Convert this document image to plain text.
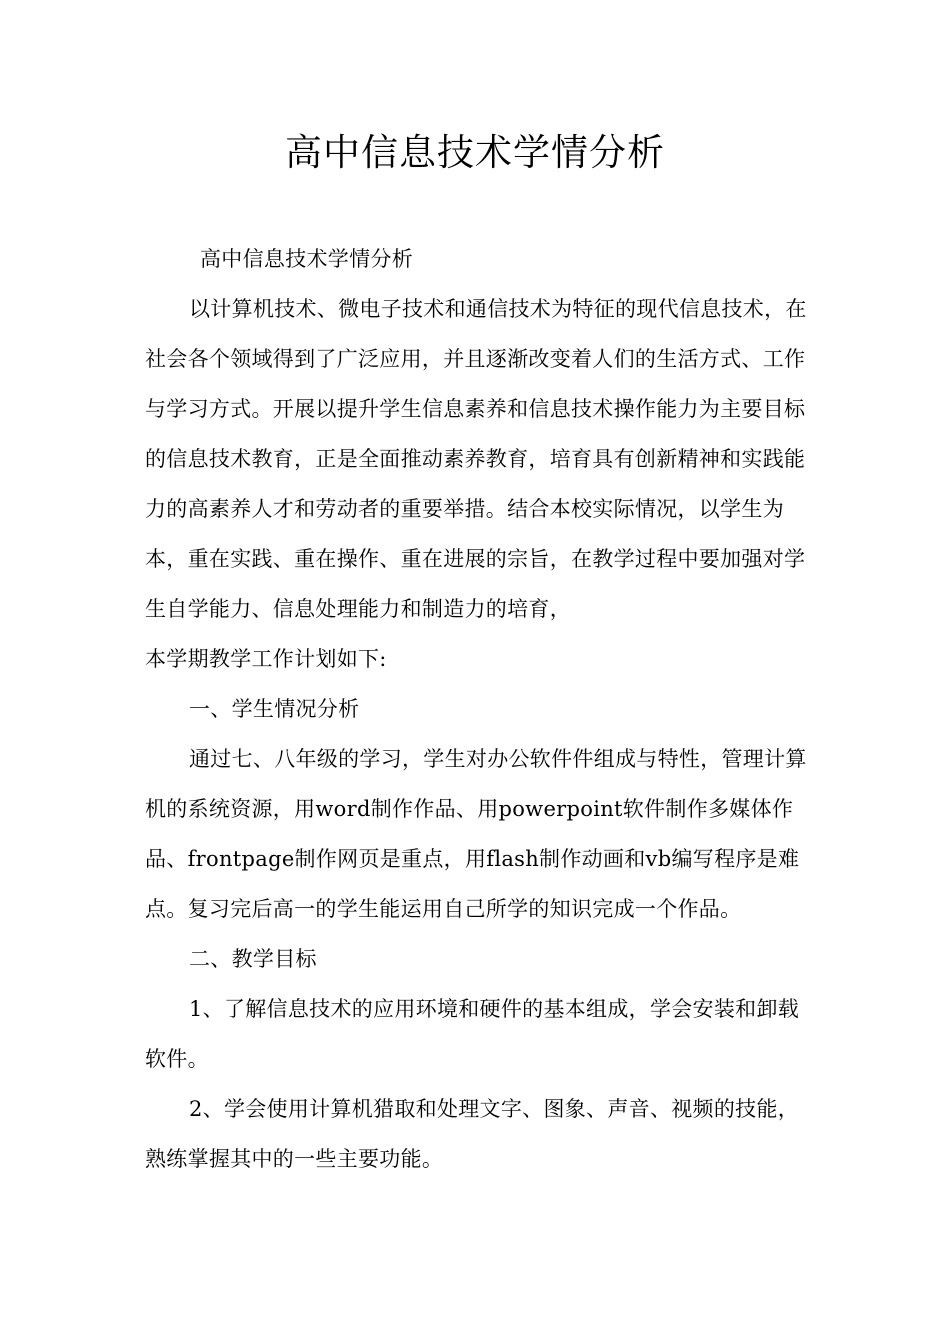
高中信息技术学情分析

高中信息技术学情分析

以计算机技术、微电子技术和通信技术为特征的现代信息技术，在社会各个领域得到了广泛应用，并且逐渐改变着人们的生活方式、工作与学习方式。开展以提升学生信息素养和信息技术操作能力为主要目标的信息技术教育，正是全面推动素养教育，培育具有创新精神和实践能力的高素养人才和劳动者的重要举措。结合本校实际情况，以学生为本，重在实践、重在操作、重在进展的宗旨，在教学过程中要加强对学生自学能力、信息处理能力和制造力的培育，

本学期教学工作计划如下:

一、学生情况分析

通过七、八年级的学习，学生对办公软件件组成与特性，管理计算机的系统资源，用word制作作品、用powerpoint软件制作多媒体作品、frontpage制作网页是重点，用flash制作动画和vb编写程序是难点。复习完后高一的学生能运用自己所学的知识完成一个作品。

二、教学目标

1、了解信息技术的应用环境和硬件的基本组成，学会安装和卸载软件。

2、学会使用计算机猎取和处理文字、图象、声音、视频的技能，熟练掌握其中的一些主要功能。
